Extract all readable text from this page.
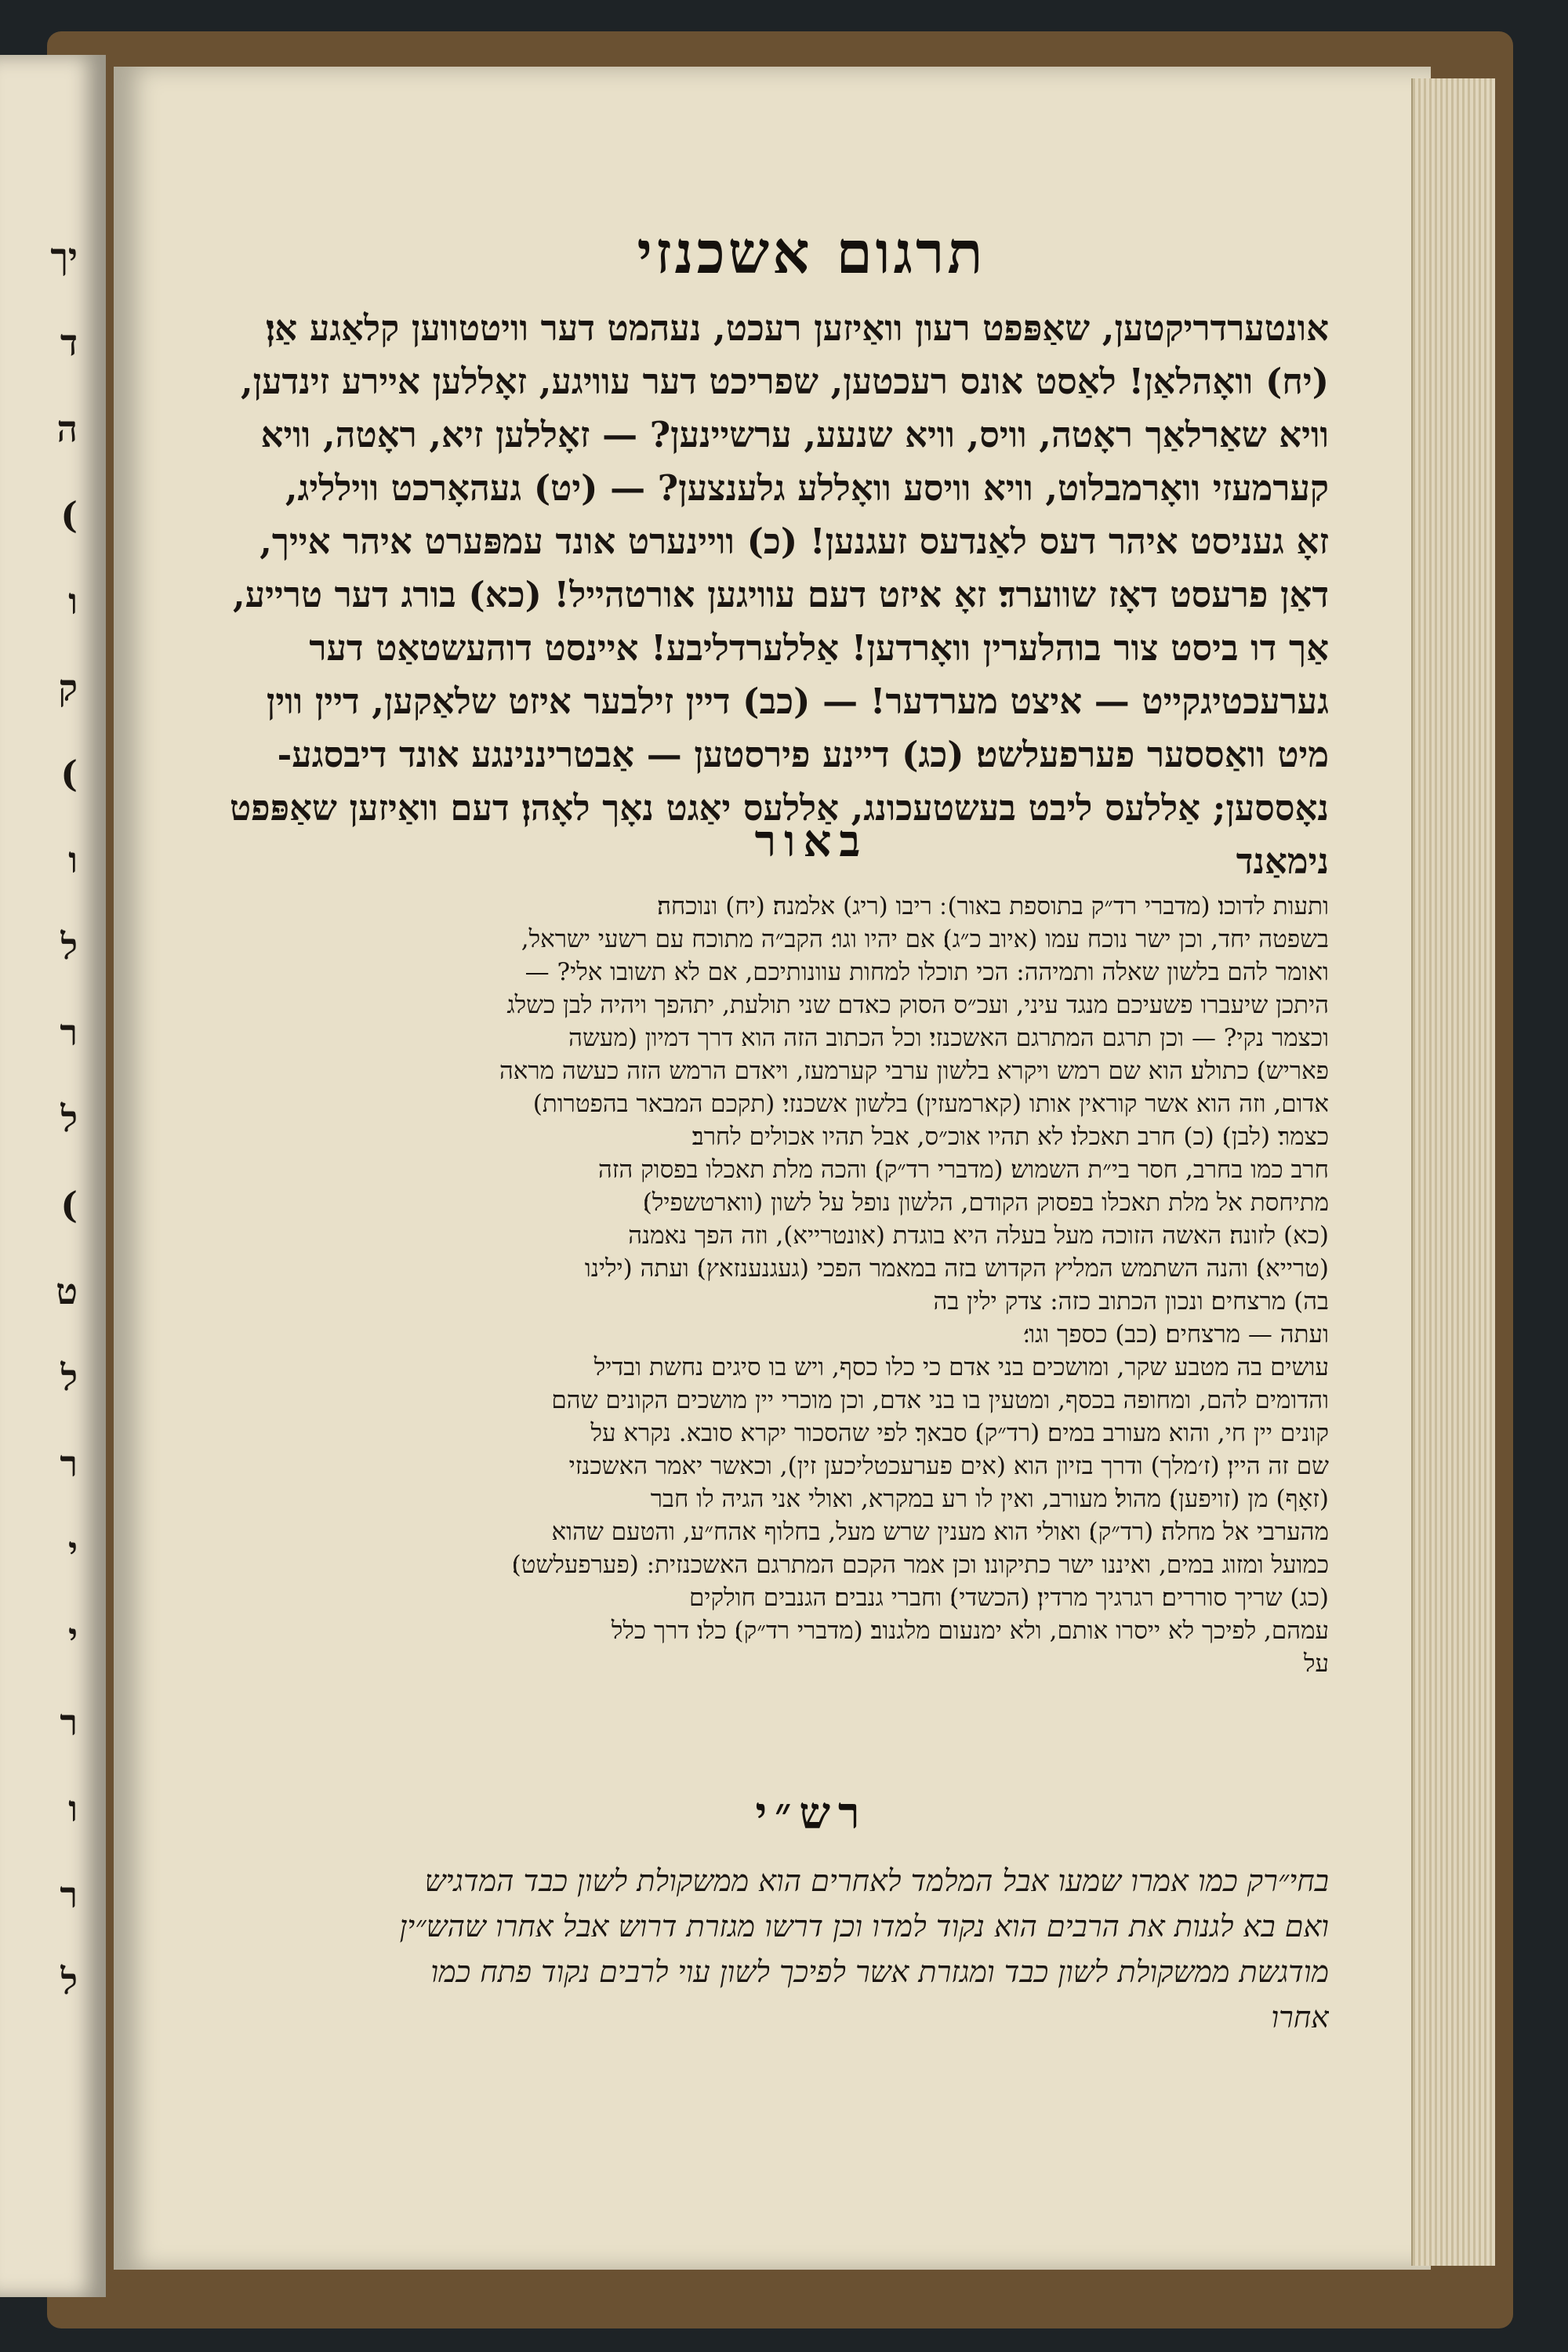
יך
ד
ה
(
ו
ק
(
ו
ל
ר
ל
(
ט
ל
ר
י
י
ר
ו
ר
ל
תרגום אשכנזי
אונטערדריקטען, שאַפּפט רעון וואַיזען רעכט, נעהמט דער וויטטווען קלאַגע אַן׃
(יח) וואָהלאַן! לאַסט אונס רעכטען, שפריכט דער עוויגע, זאָללען איירע זינדען,
וויא שאַרלאַך ראָטה, וויס, וויא שנעע, ערשיינען? — זאָללען זיא, ראָטה, וויא
קערמעזי וואָרמבלוט, וויא וויסע וואָללע גלענצען? — (יט) געהאָרכט ווילליג,
זאָ געניסט איהר דעס לאַנדעס זעגנען! (כ) וויינערט אונד עמפּערט איהר אייך,
דאַן פרעסט דאָז שווערד׃ זאָ איזט דעם עוויגען אורטהייל! (כא) בורג דער טרייע,
אַך דו ביסט צור בוהלערין וואָרדען! אַללערדליבע! איינסט דוהעשטאַט דער
גערעכטיגקייט — איצט מערדער! — (כב) דיין זילבער איזט שלאַקען, דיין ווין
מיט וואַססער פערפעלשט׃ (כג) דיינע פירסטען — אַבטריננינגע אונד דיבסגע-
נאָססען; אַללעס ליבט בעשטעכונג, אַללעס יאַגט נאָך לאָהן׃ דעם וואַיזען שאַפּפט
נימאַנד
באור
ותעות לדוכו׃ (מדברי רד״ק בתוספת באור) ׃ ריבו (ריג) אלמנה׃ (יח) ונוכחה׃
בשפטה יחד, וכן ישר נוכח עמו (איוב כ״ג)׃ אם יהיו וגו׳׃ הקב״ה מתוכח עם רשעי ישראל,
ואומר להם בלשון שאלה ותמיהה: הכי תוכלו למחות עוונותיכם, אם לא תשובו אלי? —
היתכן שיעברו פשעיכם מנגד עיני, ועכ״ס הסוק כאדם שני תולעת, יתהפך ויהיה לבן כשלג
וכצמר נקי? — וכן תרגם המתרגם האשכנזי׃ וכל הכתוב הזה הוא דרך דמיון (מעשה
פאריש)׃ כתולע׃ הוא שם רמש ויקרא בלשון ערבי קערמעז, ויאדם הרמש הזה כעשה מראה
אדום, וזה הוא אשר קוראין אותו (קארמעזין) בלשון אשכנזי׃ (תקכם המבאר בהפטרות)
כצמר׃ (לבן)׃ (כ) חרב תאכלו׃ לא תהיו אוכ״ס, אבל תהיו אכולים לחרב׃
חרב כמו בחרב, חסר בי״ת השמוש׃ (מדברי רד״ק)׃ והכה מלת תאכלו בפסוק הזה
מתיחסת אל מלת תאכלו בפסוק הקודם, הלשון נופל על לשון (ווארטשפיל)׃
(כא) לזונה׃ האשה הזוכה מעל בעלה היא בוגדת (אונטרייא), וזה הפך נאמנה
(טרייא)׃ והנה השתמש המליץ הקדוש בזה במאמר הפכי (געגנענזאץ)׃ ועתה (ילינו
בה) מרצחים׃ ונכון הכתוב כזה: צדק ילין בה
ועתה — מרצחים׃ (כב) כספך וגו׳׃
עושים בה מטבע שקר, ומושכים בני אדם כי כלו כסף, ויש בו סיגים נחשת ובדיל
והדומים להם, ומחופה בכסף, ומטעין בו בני אדם, וכן מוכרי יין מושכים הקונים שהם
קונים יין חי, והוא מעורב במים׃ (רד״ק)׃ סבאך׃ לפי שהסכור יקרא סובא. נקרא על
שם זה היין׃ (ז׳מלך) ודרך בזיון הוא (אים פערעכטליכען זין), וכאשר יאמר האשכנזי
(זאָף) מן (זויפען)׃ מהול׃ מעורב, ואין לו רע במקרא, ואולי אני הגיה לו חבר
מהערבי אל מחלה׃ (רד״ק)׃ ואולי הוא מענין שרש מעל, בחלוף אהח״ע, והטעם שהוא
כמועל ומזוג במים, ואיננו ישר כתיקונו׃ וכן אמר הקכם המתרגם האשכנזית: (פערפעלשט)׃
(כג) שריך סוררים׃ רגרגיך מרדין׃ (הכשדי)׃ וחברי גנבים׃ הגנבים חולקים
עמהם, לפיכך לא ייסרו אותם, ולא ימנעום מלגנוב׃ (מדברי רד״ק)׃ כלו׃ דרך כלל
על
רש״י
בחי״רק כמו אמרו שמעו אבל המלמד לאחרים הוא ממשקולת לשון כבד המדגיש
ואם בא לגנות את הרבים הוא נקוד למדו וכן דרשו מגזרת דרוש אבל אחרו שהש״ין
מודגשת ממשקולת לשון כבד ומגזרת אשר לפיכך לשון עוי לרבים נקוד פתח כמו
אחרו
